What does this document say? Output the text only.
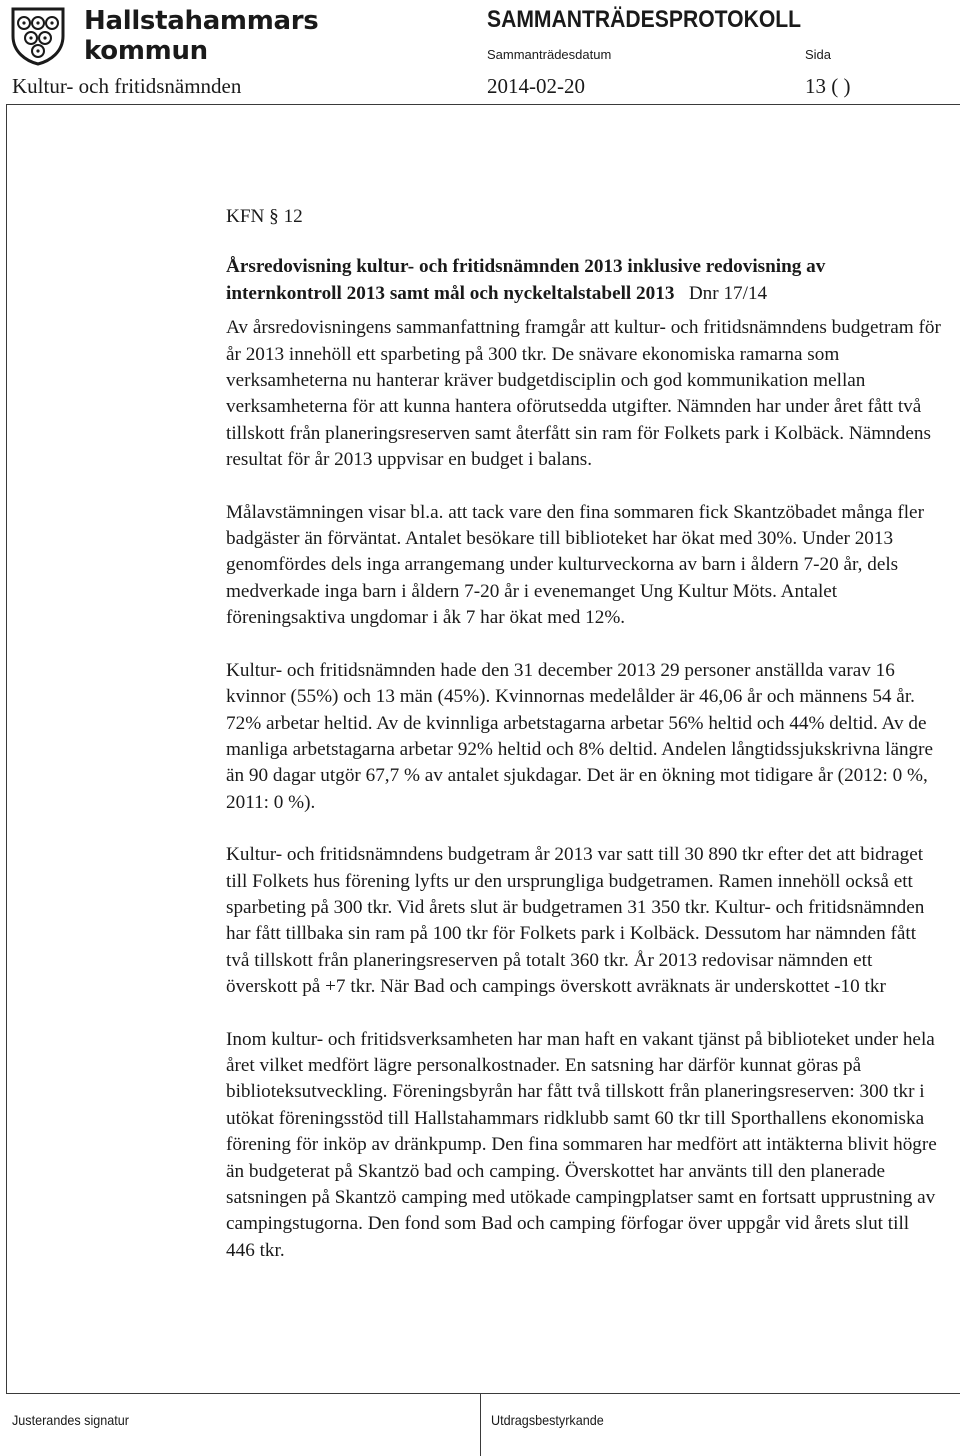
Hallstahammars
kommun
SAMMANTRÄDESPROTOKOLL
Sammanträdesdatum	Sida
Kultur- och fritidsnämnden	2014-02-20	13 ( )

KFN § 12

Årsredovisning kultur- och fritidsnämnden 2013 inklusive redovisning av internkontroll 2013 samt mål och nyckeltalstabell 2013 Dnr 17/14

Av årsredovisningens sammanfattning framgår att kultur- och fritidsnämndens budgetram för år 2013 innehöll ett sparbeting på 300 tkr. De snävare ekonomiska ramarna som verksamheterna nu hanterar kräver budgetdisciplin och god kommunikation mellan verksamheterna för att kunna hantera oförutsedda utgifter. Nämnden har under året fått två tillskott från planeringsreserven samt återfått sin ram för Folkets park i Kolbäck. Nämndens resultat för år 2013 uppvisar en budget i balans.

Målavstämningen visar bl.a. att tack vare den fina sommaren fick Skantzöbadet många fler badgäster än förväntat. Antalet besökare till biblioteket har ökat med 30%. Under 2013 genomfördes dels inga arrangemang under kulturveckorna av barn i åldern 7-20 år, dels medverkade inga barn i åldern 7-20 år i evenemanget Ung Kultur Möts. Antalet föreningsaktiva ungdomar i åk 7 har ökat med 12%.

Kultur- och fritidsnämnden hade den 31 december 2013 29 personer anställda varav 16 kvinnor (55%) och 13 män (45%). Kvinnornas medelålder är 46,06 år och männens 54 år. 72% arbetar heltid. Av de kvinnliga arbetstagarna arbetar 56% heltid och 44% deltid. Av de manliga arbetstagarna arbetar 92% heltid och 8% deltid. Andelen långtidssjukskrivna längre än 90 dagar utgör 67,7 % av antalet sjukdagar. Det är en ökning mot tidigare år (2012: 0 %, 2011: 0 %).

Kultur- och fritidsnämndens budgetram år 2013 var satt till 30 890 tkr efter det att bidraget till Folkets hus förening lyfts ur den ursprungliga budgetramen. Ramen innehöll också ett sparbeting på 300 tkr. Vid årets slut är budgetramen 31 350 tkr. Kultur- och fritidsnämnden har fått tillbaka sin ram på 100 tkr för Folkets park i Kolbäck. Dessutom har nämnden fått två tillskott från planeringsreserven på totalt 360 tkr. År 2013 redovisar nämnden ett överskott på +7 tkr. När Bad och campings överskott avräknats är underskottet -10 tkr

Inom kultur- och fritidsverksamheten har man haft en vakant tjänst på biblioteket under hela året vilket medfört lägre personalkostnader. En satsning har därför kunnat göras på biblioteksutveckling. Föreningsbyrån har fått två tillskott från planeringsreserven: 300 tkr i utökat föreningsstöd till Hallstahammars ridklubb samt 60 tkr till Sporthallens ekonomiska förening för inköp av dränkpump. Den fina sommaren har medfört att intäkterna blivit högre än budgeterat på Skantzö bad och camping. Överskottet har använts till den planerade satsningen på Skantzö camping med utökade campingplatser samt en fortsatt upprustning av campingstugorna. Den fond som Bad och camping förfogar över uppgår vid årets slut till 446 tkr.

Justerandes signatur	Utdragsbestyrkande
